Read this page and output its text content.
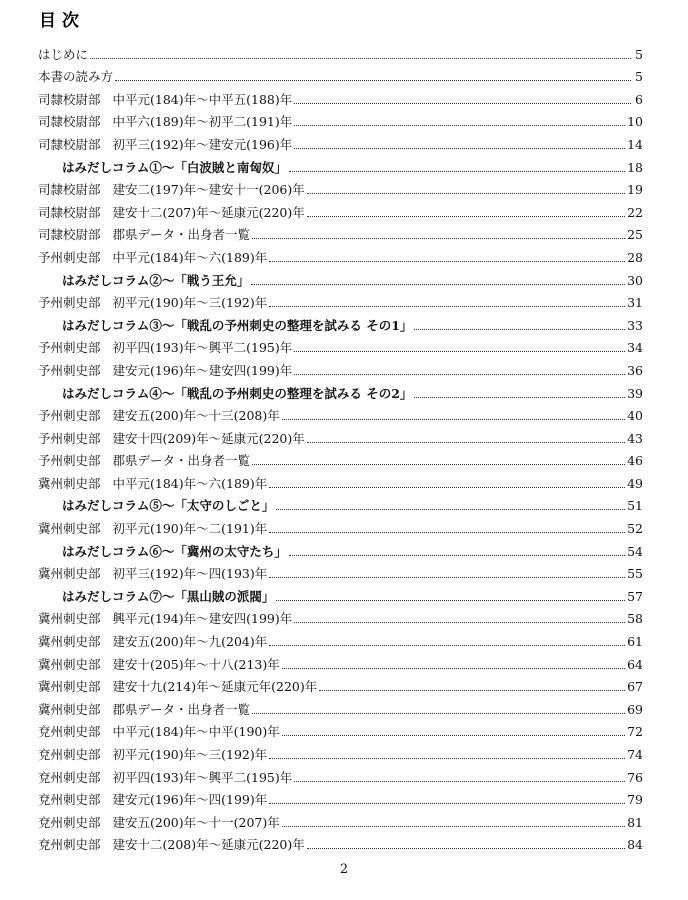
目次
はじめに	5
本書の読み方	5
司隸校尉部 中平元(184)年～中平五(188)年	6
司隸校尉部 中平六(189)年～初平二(191)年	10
司隸校尉部 初平三(192)年～建安元(196)年	14
はみだしコラム①～「白波賊と南匈奴」	18
司隸校尉部 建安二(197)年～建安十一(206)年	19
司隸校尉部 建安十二(207)年～延康元(220)年	22
司隸校尉部 郡県データ・出身者一覧	25
予州刺史部 中平元(184)年～六(189)年	28
はみだしコラム②～「戦う王允」	30
予州刺史部 初平元(190)年～三(192)年	31
はみだしコラム③～「戦乱の予州刺史の整理を試みる その1」	33
予州刺史部 初平四(193)年～興平二(195)年	34
予州刺史部 建安元(196)年～建安四(199)年	36
はみだしコラム④～「戦乱の予州刺史の整理を試みる その2」	39
予州刺史部 建安五(200)年～十三(208)年	40
予州刺史部 建安十四(209)年～延康元(220)年	43
予州刺史部 郡県データ・出身者一覧	46
冀州刺史部 中平元(184)年～六(189)年	49
はみだしコラム⑤～「太守のしごと」	51
冀州刺史部 初平元(190)年～二(191)年	52
はみだしコラム⑥～「冀州の太守たち」	54
冀州刺史部 初平三(192)年～四(193)年	55
はみだしコラム⑦～「黒山賊の派閥」	57
冀州刺史部 興平元(194)年～建安四(199)年	58
冀州刺史部 建安五(200)年～九(204)年	61
冀州刺史部 建安十(205)年～十八(213)年	64
冀州刺史部 建安十九(214)年～延康元年(220)年	67
冀州刺史部 郡県データ・出身者一覧	69
兗州刺史部 中平元(184)年～中平(190)年	72
兗州刺史部 初平元(190)年～三(192)年	74
兗州刺史部 初平四(193)年～興平二(195)年	76
兗州刺史部 建安元(196)年～四(199)年	79
兗州刺史部 建安五(200)年～十一(207)年	81
兗州刺史部 建安十二(208)年～延康元(220)年	84
2
